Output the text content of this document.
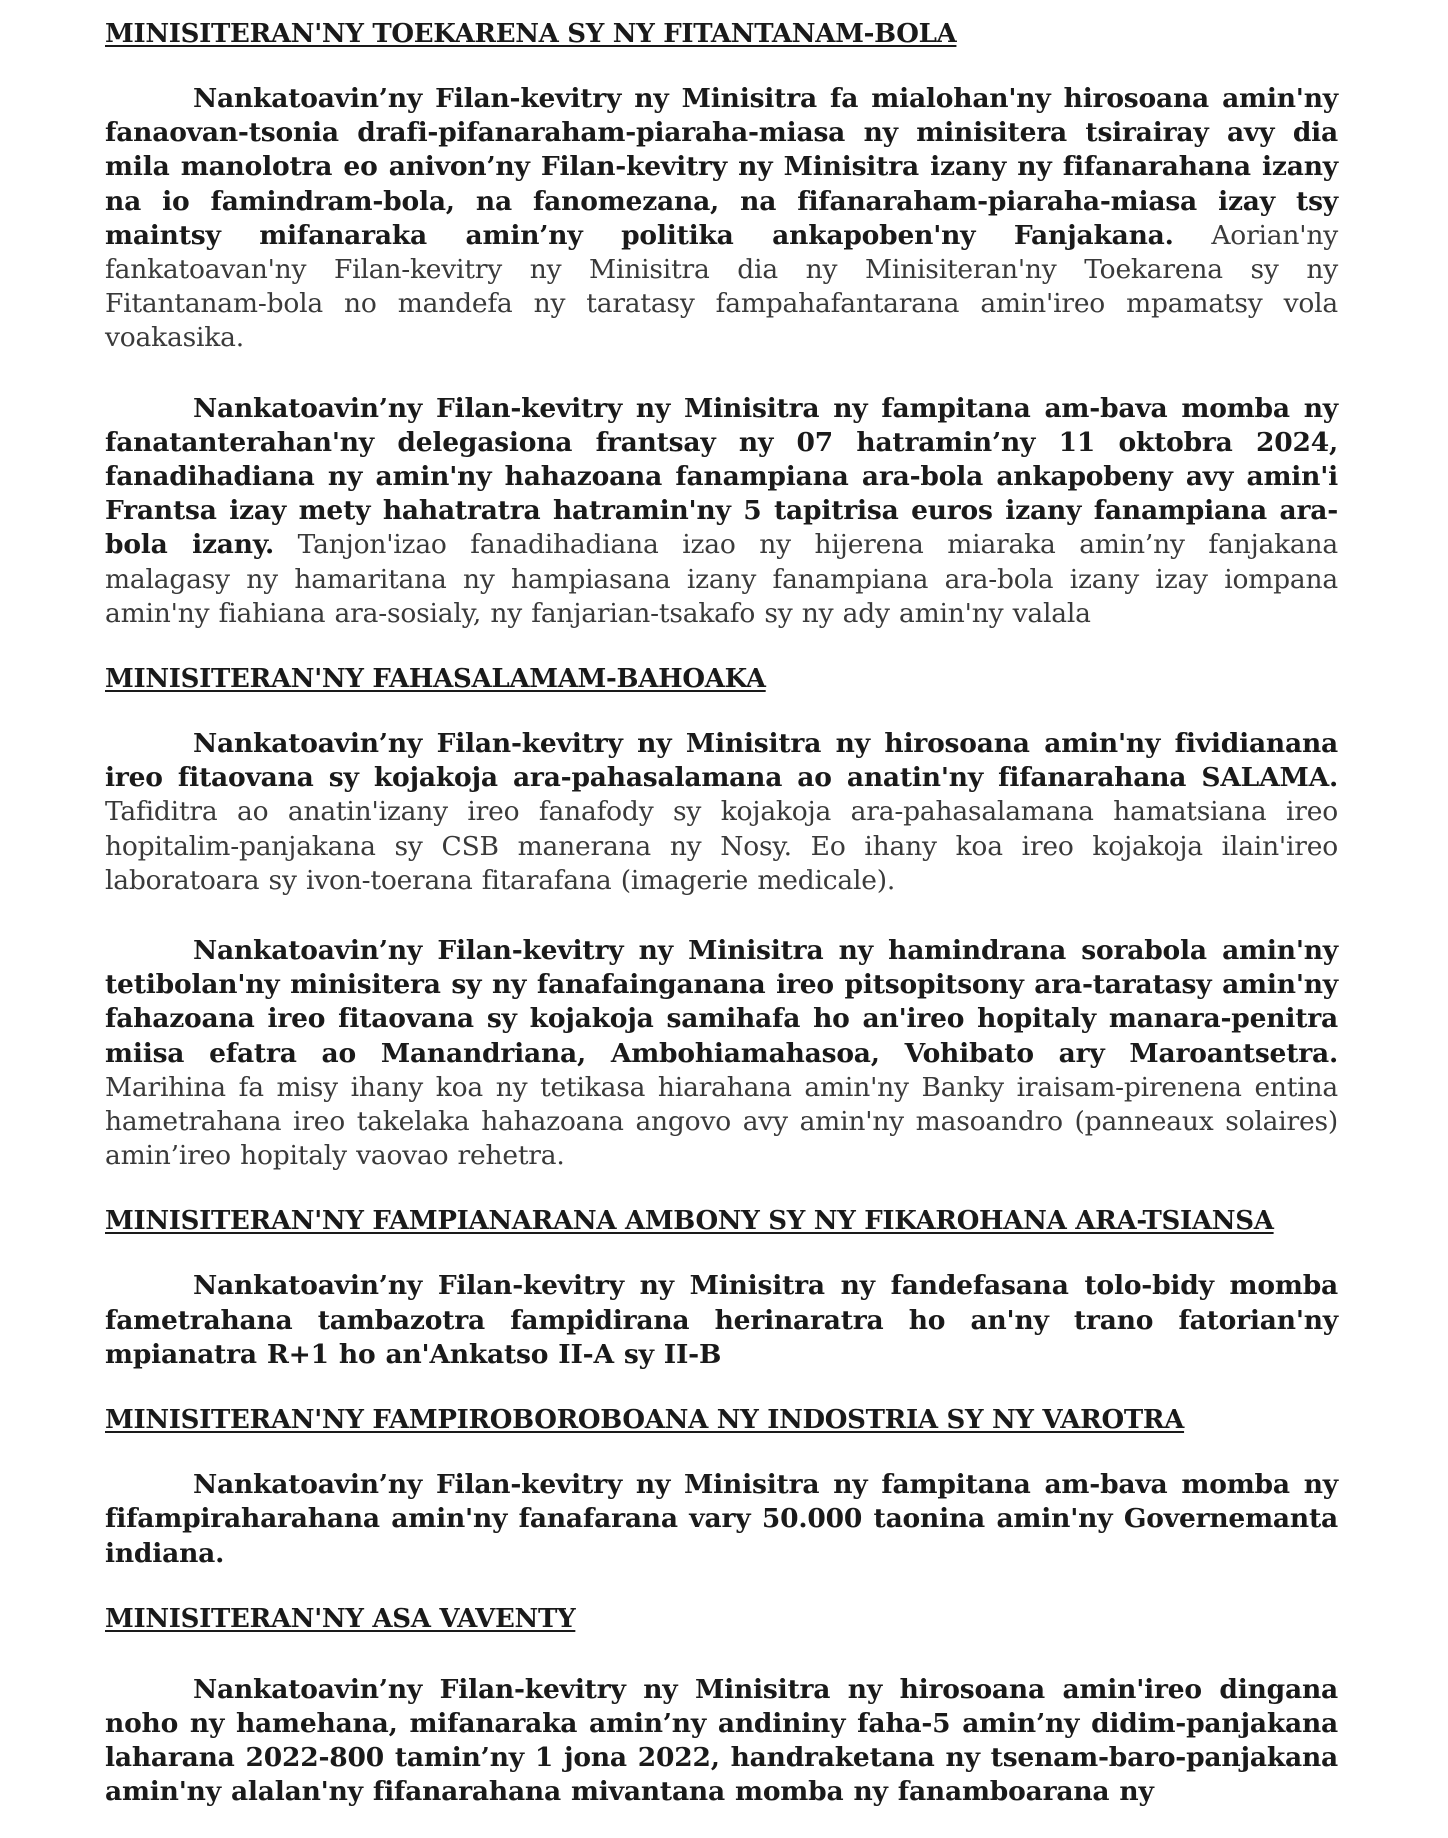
MINISITERAN'NY TOEKARENA SY NY FITANTANAM-BOLA

Nankatoavin’ny Filan-kevitry ny Minisitra fa mialohan'ny hirosoana amin'ny fanaovan-tsonia drafi-pifanaraham-piaraha-miasa ny minisitera tsirairay avy dia mila manolotra eo anivon’ny Filan-kevitry ny Minisitra izany ny fifanarahana izany na io famindram-bola, na fanomezana, na fifanaraham-piaraha-miasa izay tsy maintsy mifanaraka amin’ny politika ankapoben'ny Fanjakana. Aorian'ny fankatoavan'ny Filan-kevitry ny Minisitra dia ny Minisiteran'ny Toekarena sy ny Fitantanam-bola no mandefa ny taratasy fampahafantarana amin'ireo mpamatsy vola voakasika.

Nankatoavin’ny Filan-kevitry ny Minisitra ny fampitana am-bava momba ny fanatanterahan'ny delegasiona frantsay ny 07 hatramin’ny 11 oktobra 2024, fanadihadiana ny amin'ny hahazoana fanampiana ara-bola ankapobeny avy amin'i Frantsa izay mety hahatratra hatramin'ny 5 tapitrisa euros izany fanampiana ara-bola izany. Tanjon'izao fanadihadiana izao ny hijerena miaraka amin’ny fanjakana malagasy ny hamaritana ny hampiasana izany fanampiana ara-bola izany izay iompana amin'ny fiahiana ara-sosialy, ny fanjarian-tsakafo sy ny ady amin'ny valala

MINISITERAN'NY FAHASALAMAM-BAHOAKA

Nankatoavin’ny Filan-kevitry ny Minisitra ny hirosoana amin'ny fividianana ireo fitaovana sy kojakoja ara-pahasalamana ao anatin'ny fifanarahana SALAMA. Tafiditra ao anatin'izany ireo fanafody sy kojakoja ara-pahasalamana hamatsiana ireo hopitalim-panjakana sy CSB manerana ny Nosy. Eo ihany koa ireo kojakoja ilain'ireo laboratoara sy ivon-toerana fitarafana (imagerie medicale).

Nankatoavin’ny Filan-kevitry ny Minisitra ny hamindrana sorabola amin'ny tetibolan'ny minisitera sy ny fanafainganana ireo pitsopitsony ara-taratasy amin'ny fahazoana ireo fitaovana sy kojakoja samihafa ho an'ireo hopitaly manara-penitra miisa efatra ao Manandriana, Ambohiamahasoa, Vohibato ary Maroantsetra. Marihina fa misy ihany koa ny tetikasa hiarahana amin'ny Banky iraisam-pirenena entina hametrahana ireo takelaka hahazoana angovo avy amin'ny masoandro (panneaux solaires) amin’ireo hopitaly vaovao rehetra.

MINISITERAN'NY FAMPIANARANA AMBONY SY NY FIKAROHANA ARA-TSIANSA

Nankatoavin’ny Filan-kevitry ny Minisitra ny fandefasana tolo-bidy momba fametrahana tambazotra fampidirana herinaratra ho an'ny trano fatorian'ny mpianatra R+1 ho an'Ankatso II-A sy II-B

MINISITERAN'NY FAMPIROBOROBOANA NY INDOSTRIA SY NY VAROTRA

Nankatoavin’ny Filan-kevitry ny Minisitra ny fampitana am-bava momba ny fifampiraharahana amin'ny fanafarana vary 50.000 taonina amin'ny Governemanta indiana.

MINISITERAN'NY ASA VAVENTY

Nankatoavin’ny Filan-kevitry ny Minisitra ny hirosoana amin'ireo dingana noho ny hamehana, mifanaraka amin’ny andininy faha-5 amin’ny didim-panjakana laharana 2022-800 tamin’ny 1 jona 2022, handraketana ny tsenam-baro-panjakana amin'ny alalan'ny fifanarahana mivantana momba ny fanamboarana ny
